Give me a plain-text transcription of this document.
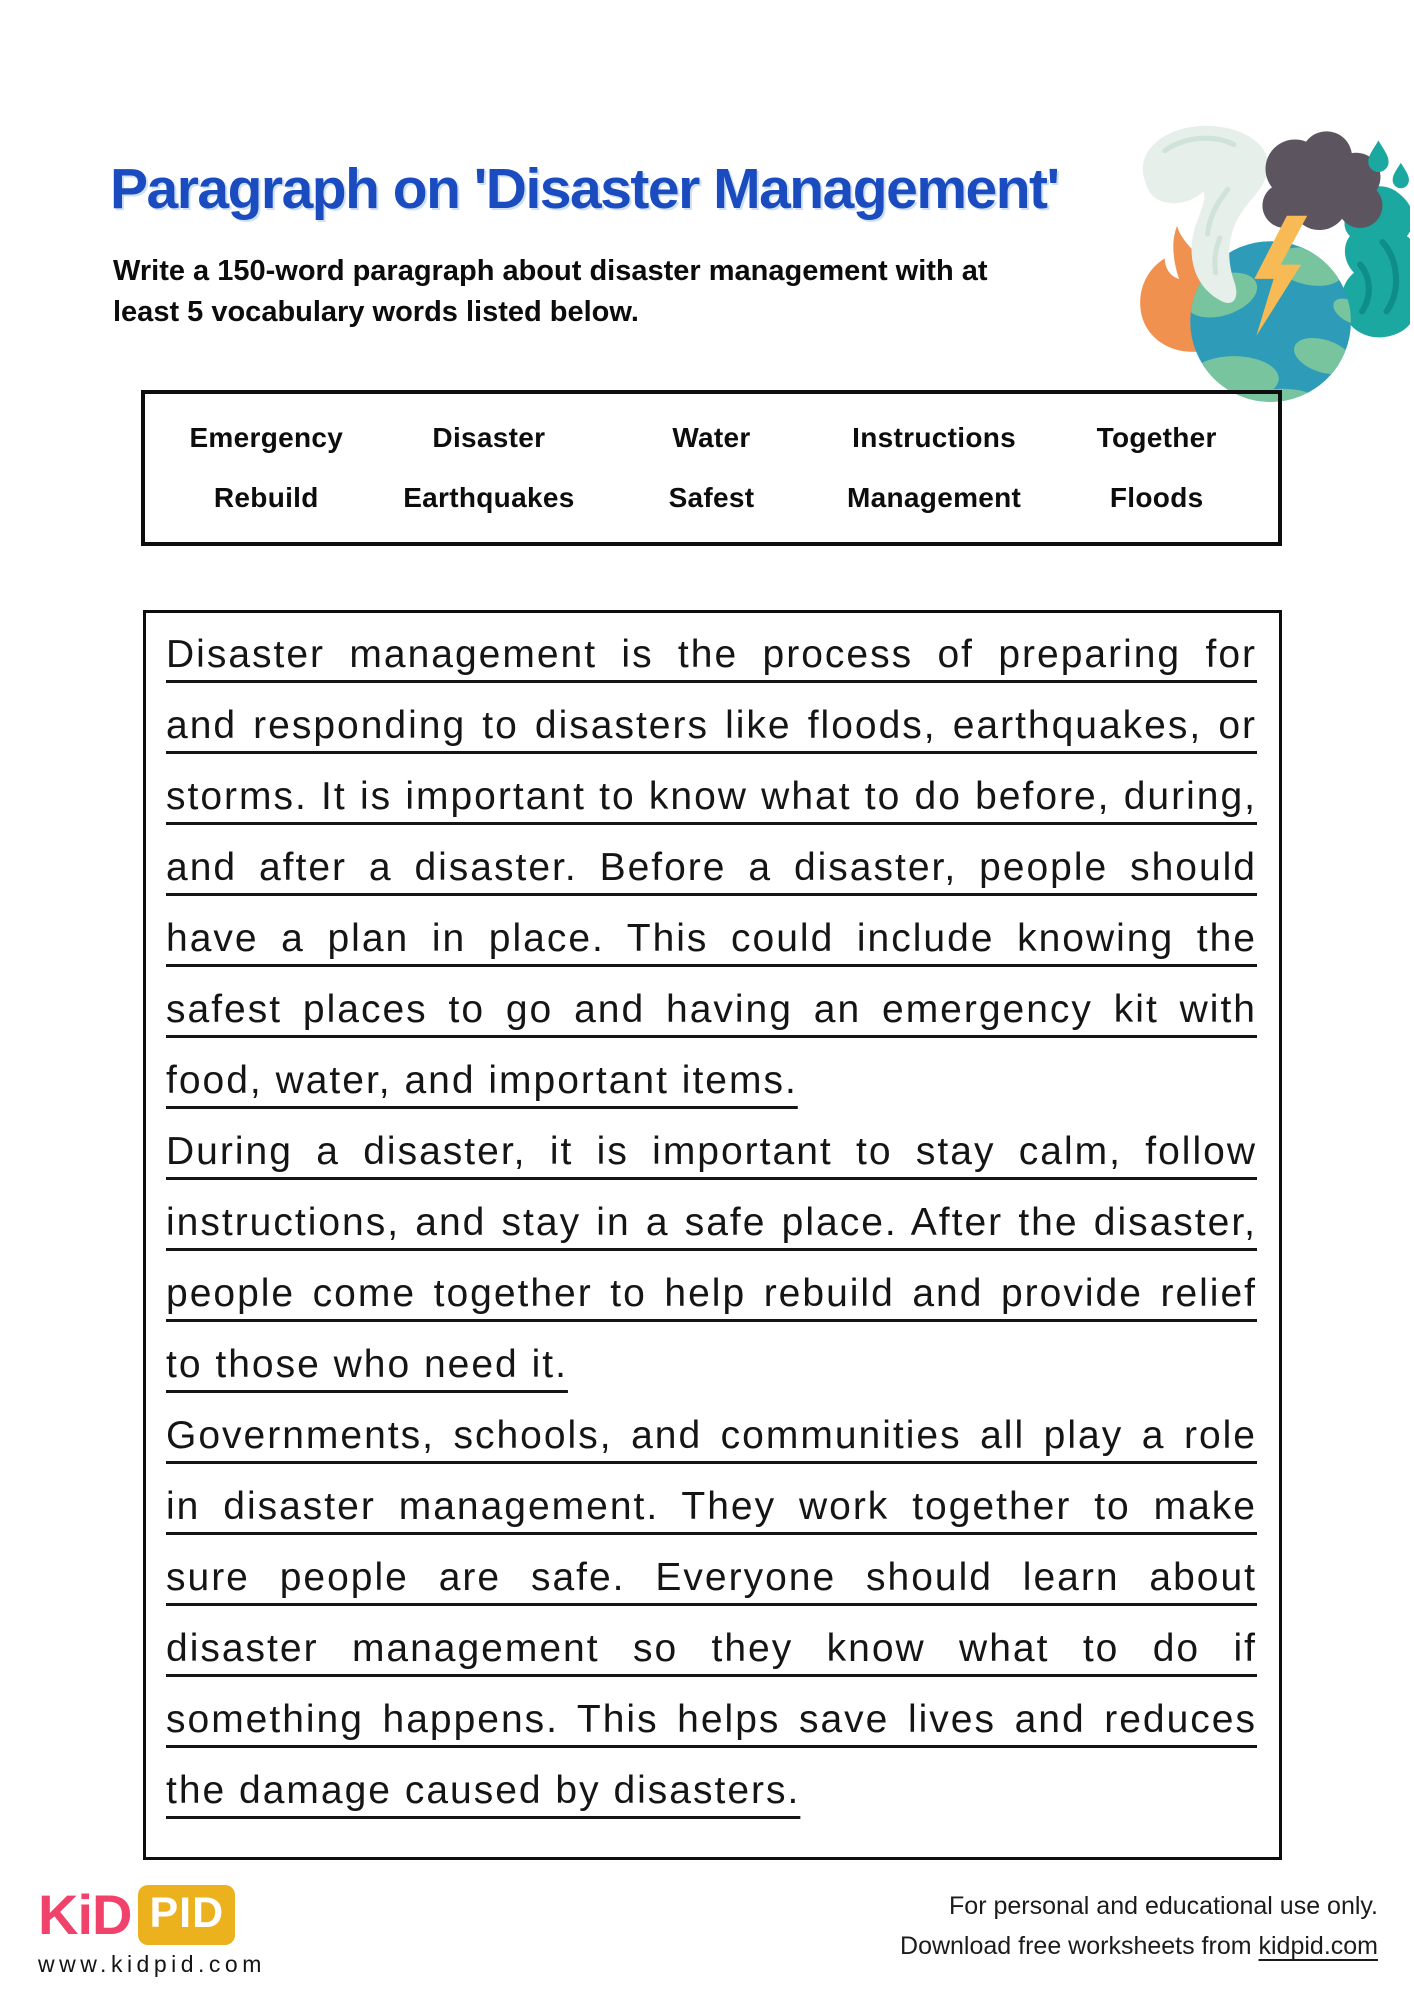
Paragraph on 'Disaster Management'
Write a 150-word paragraph about disaster management with at
least 5 vocabulary words listed below.
Emergency	Disaster	Water	Instructions	Together
Rebuild	Earthquakes	Safest	Management	Floods

Disaster management is the process of preparing for and responding to disasters like floods, earthquakes, or storms. It is important to know what to do before, during, and after a disaster. Before a disaster, people should have a plan in place. This could include knowing the safest places to go and having an emergency kit with food, water, and important items.

During a disaster, it is important to stay calm, follow instructions, and stay in a safe place. After the disaster, people come together to help rebuild and provide relief to those who need it.

Governments, schools, and communities all play a role in disaster management. They work together to make sure people are safe. Everyone should learn about disaster management so they know what to do if something happens. This helps save lives and reduces the damage caused by disasters.

KiD PID
www.kidpid.com
For personal and educational use only.
Download free worksheets from kidpid.com
